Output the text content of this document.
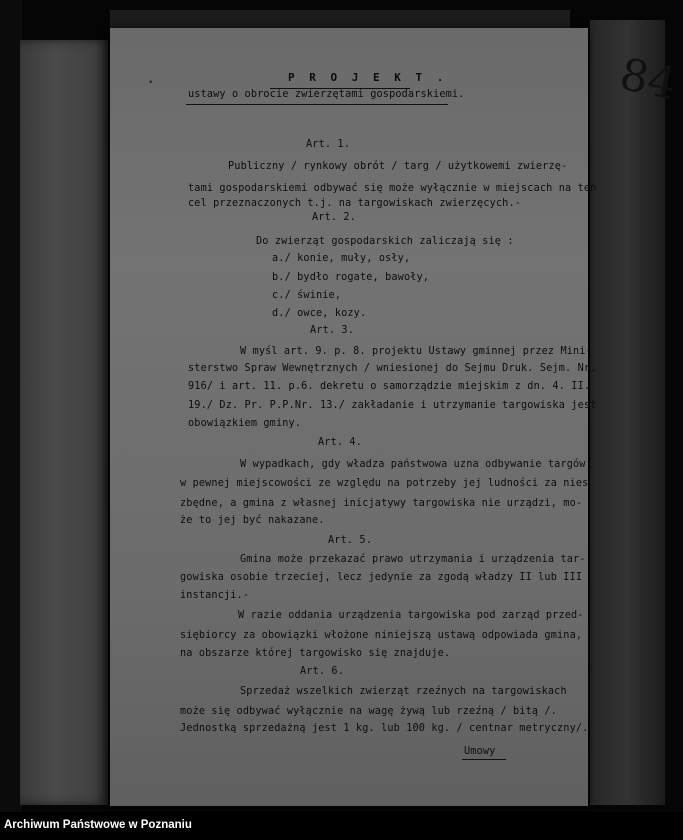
84
•	P R O J E K T .
ustawy o obrocie zwierzętami gospodarskiemi.
Art. 1.
Publiczny / rynkowy obrót / targ / użytkowemi zwierzę-
tami gospodarskiemi odbywać się może wyłącznie w miejscach na ten
cel przeznaczonych t.j. na targowiskach zwierzęcych.-
Art. 2.
Do zwierząt gospodarskich zaliczają się :
a./ konie, muły, osły,
b./ bydło rogate, bawoły,
c./ świnie,
d./ owce, kozy.
Art. 3.
W myśl art. 9. p. 8. projektu Ustawy gminnej przez Mini-
sterstwo Spraw Wewnętrznych / wniesionej do Sejmu Druk. Sejm. Nr.
916/ i art. 11. p.6. dekretu o samorządzie miejskim z dn. 4. II.
19./ Dz. Pr. P.P.Nr. 13./ zakładanie i utrzymanie targowiska jest
obowiązkiem gminy.
Art. 4.
W wypadkach, gdy władza państwowa uzna odbywanie targów
w pewnej miejscowości ze względu na potrzeby jej ludności za nies
zbędne, a gmina z własnej inicjatywy targowiska nie urządzi, mo-
że to jej być nakazane.
Art. 5.
Gmina może przekazać prawo utrzymania i urządzenia tar-
gowiska osobie trzeciej, lecz jedynie za zgodą władzy II lub III
instancji.-
W razie oddania urządzenia targowiska pod zarząd przed-
siębiorcy za obowiązki włożone niniejszą ustawą odpowiada gmina,
na obszarze której targowisko się znajduje.
Art. 6.
Sprzedaż wszelkich zwierząt rzeźnych na targowiskach
może się odbywać wyłącznie na wagę żywą lub rzeźną / bitą /.
Jednostką sprzedażną jest 1 kg. lub 100 kg. / centnar metryczny/.
Umowy
Archiwum Państwowe w Poznaniu
